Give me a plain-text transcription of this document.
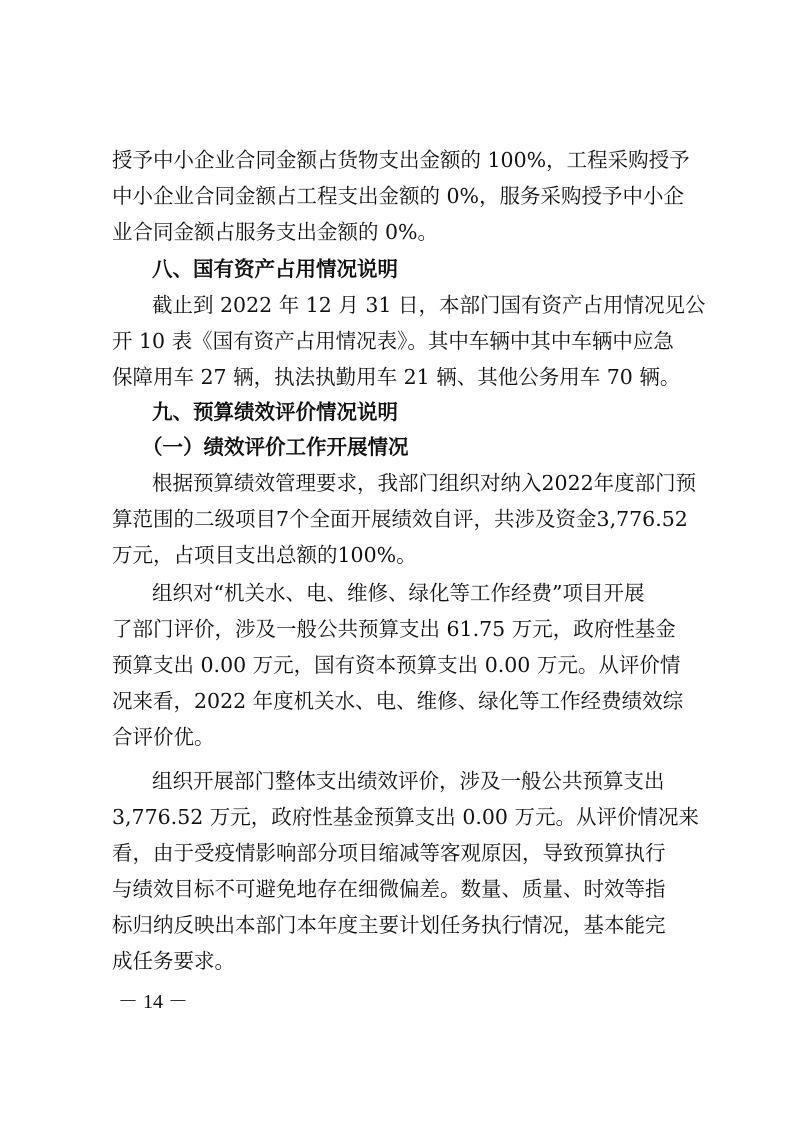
授予中小企业合同金额占货物支出金额的 100%，工程采购授予
中小企业合同金额占工程支出金额的 0%，服务采购授予中小企
业合同金额占服务支出金额的 0%。
八、国有资产占用情况说明
截止到 2022 年 12 月 31 日，本部门国有资产占用情况见公
开 10 表《国有资产占用情况表》。其中车辆中其中车辆中应急
保障用车 27 辆，执法执勤用车 21 辆、其他公务用车 70 辆。
九、预算绩效评价情况说明
（一）绩效评价工作开展情况
根据预算绩效管理要求，我部门组织对纳入2022年度部门预
算范围的二级项目7个全面开展绩效自评，共涉及资金3,776.52
万元，占项目支出总额的100%。
组织对“机关水、电、维修、绿化等工作经费”项目开展
了部门评价，涉及一般公共预算支出 61.75 万元，政府性基金
预算支出 0.00 万元，国有资本预算支出 0.00 万元。从评价情
况来看，2022 年度机关水、电、维修、绿化等工作经费绩效综
合评价优。
组织开展部门整体支出绩效评价，涉及一般公共预算支出
3,776.52 万元，政府性基金预算支出 0.00 万元。从评价情况来
看，由于受疫情影响部分项目缩减等客观原因，导致预算执行
与绩效目标不可避免地存在细微偏差。数量、质量、时效等指
标归纳反映出本部门本年度主要计划任务执行情况，基本能完
成任务要求。
－ 14 －
